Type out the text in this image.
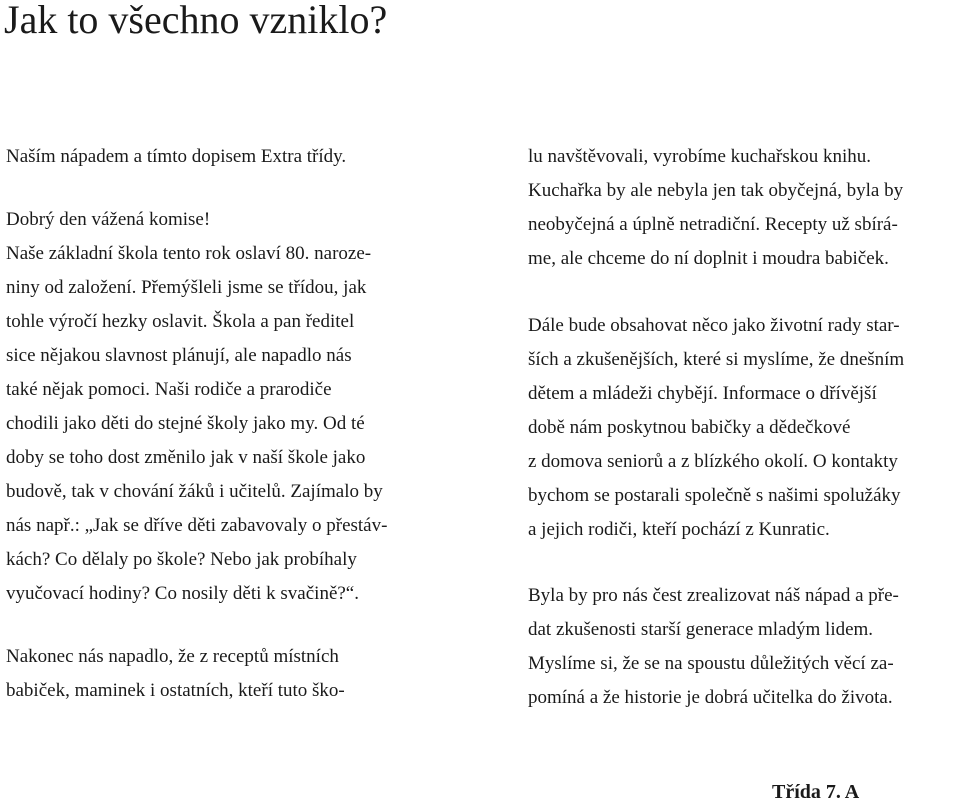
Jak to všechno vzniklo?
Naším nápadem a tímto dopisem Extra třídy.
Dobrý den vážená komise!
Naše základní škola tento rok oslaví 80. naroze-
niny od založení. Přemýšleli jsme se třídou, jak
tohle výročí hezky oslavit. Škola a pan ředitel
sice nějakou slavnost plánují, ale napadlo nás
také nějak pomoci. Naši rodiče a prarodiče
chodili jako děti do stejné školy jako my. Od té
doby se toho dost změnilo jak v naší škole jako
budově, tak v chování žáků i učitelů. Zajímalo by
nás např.: „Jak se dříve děti zabavovaly o přestáv-
kách? Co dělaly po škole? Nebo jak probíhaly
vyučovací hodiny? Co nosily děti k svačině?“.
Nakonec nás napadlo, že z receptů místních
babiček, maminek i ostatních, kteří tuto ško-
lu navštěvovali, vyrobíme kuchařskou knihu.
Kuchařka by ale nebyla jen tak obyčejná, byla by
neobyčejná a úplně netradiční. Recepty už sbírá-
me, ale chceme do ní doplnit i moudra babiček.
Dále bude obsahovat něco jako životní rady star-
ších a zkušenějších, které si myslíme, že dnešním
dětem a mládeži chybějí. Informace o dřívější
době nám poskytnou babičky a dědečkové
z domova seniorů a z blízkého okolí. O kontakty
bychom se postarali společně s našimi spolužáky
a jejich rodiči, kteří pochází z Kunratic.
Byla by pro nás čest zrealizovat náš nápad a pře-
dat zkušenosti starší generace mladým lidem.
Myslíme si, že se na spoustu důležitých věcí za-
pomíná a že historie je dobrá učitelka do života.
Třída 7. A
